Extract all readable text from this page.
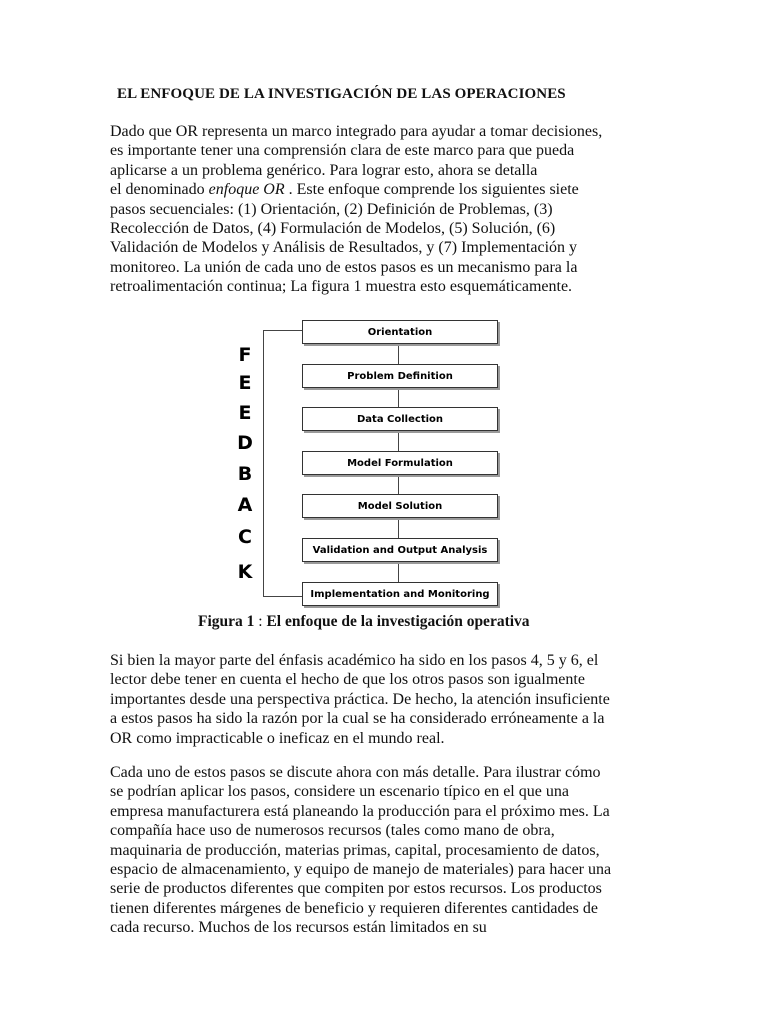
EL ENFOQUE DE LA INVESTIGACIÓN DE LAS OPERACIONES
Dado que OR representa un marco integrado para ayudar a tomar decisiones,
es importante tener una comprensión clara de este marco para que pueda
aplicarse a un problema genérico. Para lograr esto, ahora se detalla
el denominado enfoque OR . Este enfoque comprende los siguientes siete
pasos secuenciales: (1) Orientación, (2) Definición de Problemas, (3)
Recolección de Datos, (4) Formulación de Modelos, (5) Solución, (6)
Validación de Modelos y Análisis de Resultados, y (7) Implementación y
monitoreo. La unión de cada uno de estos pasos es un mecanismo para la
retroalimentación continua; La figura 1 muestra esto esquemáticamente.
F
E
E
D
B
A
C
K
Orientation
Problem Definition
Data Collection
Model Formulation
Model Solution
Validation and Output Analysis
Implementation and Monitoring
Figura 1 : El enfoque de la investigación operativa
Si bien la mayor parte del énfasis académico ha sido en los pasos 4, 5 y 6, el
lector debe tener en cuenta el hecho de que los otros pasos son igualmente
importantes desde una perspectiva práctica. De hecho, la atención insuficiente
a estos pasos ha sido la razón por la cual se ha considerado erróneamente a la
OR como impracticable o ineficaz en el mundo real.
Cada uno de estos pasos se discute ahora con más detalle. Para ilustrar cómo
se podrían aplicar los pasos, considere un escenario típico en el que una
empresa manufacturera está planeando la producción para el próximo mes. La
compañía hace uso de numerosos recursos (tales como mano de obra,
maquinaria de producción, materias primas, capital, procesamiento de datos,
espacio de almacenamiento, y equipo de manejo de materiales) para hacer una
serie de productos diferentes que compiten por estos recursos. Los productos
tienen diferentes márgenes de beneficio y requieren diferentes cantidades de
cada recurso. Muchos de los recursos están limitados en su
